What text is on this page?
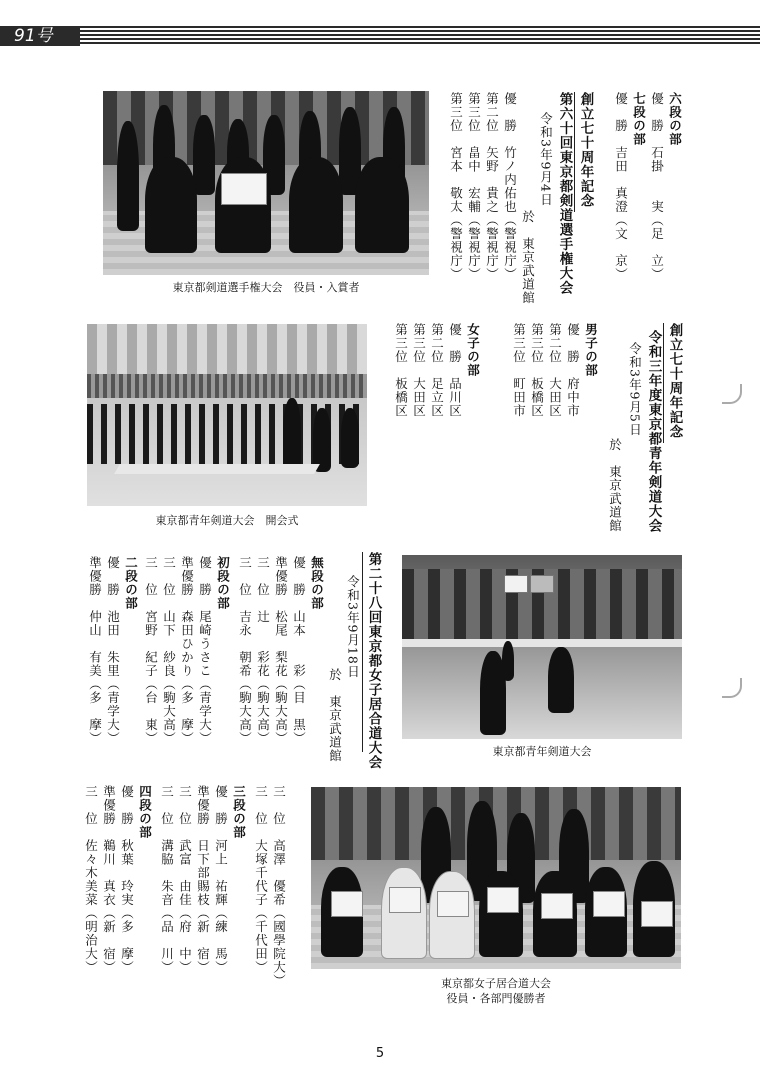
91号
東京都剣道選手権大会　役員・入賞者
六段の部
優　勝　石掛　　実（足　立）
七段の部
優　勝　吉田　真澄（文　京）
創立七十周年記念
第六十回東京都剣道選手権大会
令和3年9月4日
於　東京武道館
優　勝　竹ノ内佑也（警視庁）
第二位　矢野　貴之（警視庁）
第三位　畠中　宏輔（警視庁）
第三位　宮本　敬太（警視庁）
東京都青年剣道大会　開会式
創立七十周年記念
令和三年度東京都青年剣道大会
令和3年9月5日
於　東京武道館
男子の部
優　勝　府中市
第二位　大田区
第三位　板橋区
第三位　町田市
女子の部
優　勝　品川区
第二位　足立区
第三位　大田区
第三位　板橋区
東京都青年剣道大会
第二十八回東京都女子居合道大会
令和3年9月18日
於　東京武道館
無段の部
優　勝　山本　　彩（目　黒）
準優勝　松尾　梨花（駒大高）
三　位　辻　　彩花（駒大高）
三　位　吉永　朝希（駒大高）
初段の部
優　勝　尾崎うさこ（青学大）
準優勝　森田ひかり（多　摩）
三　位　山下　紗良（駒大高）
三　位　宮野　紀子（台　東）
二段の部
優　勝　池田　朱里（青学大）
準優勝　仲山　有美（多　摩）
三　位　高澤　優希（國學院大）
三　位　大塚千代子（千代田）
三段の部
優　勝　河上　祐輝（練　馬）
準優勝　日下部賜枝（新　宿）
三　位　武富　由佳（府　中）
三　位　溝脇　朱音（品　川）
四段の部
優　勝　秋葉　玲実（多　摩）
準優勝　鵜川　真衣（新　宿）
三　位　佐々木美菜（明治大）
東京都女子居合道大会
役員・各部門優勝者
5
